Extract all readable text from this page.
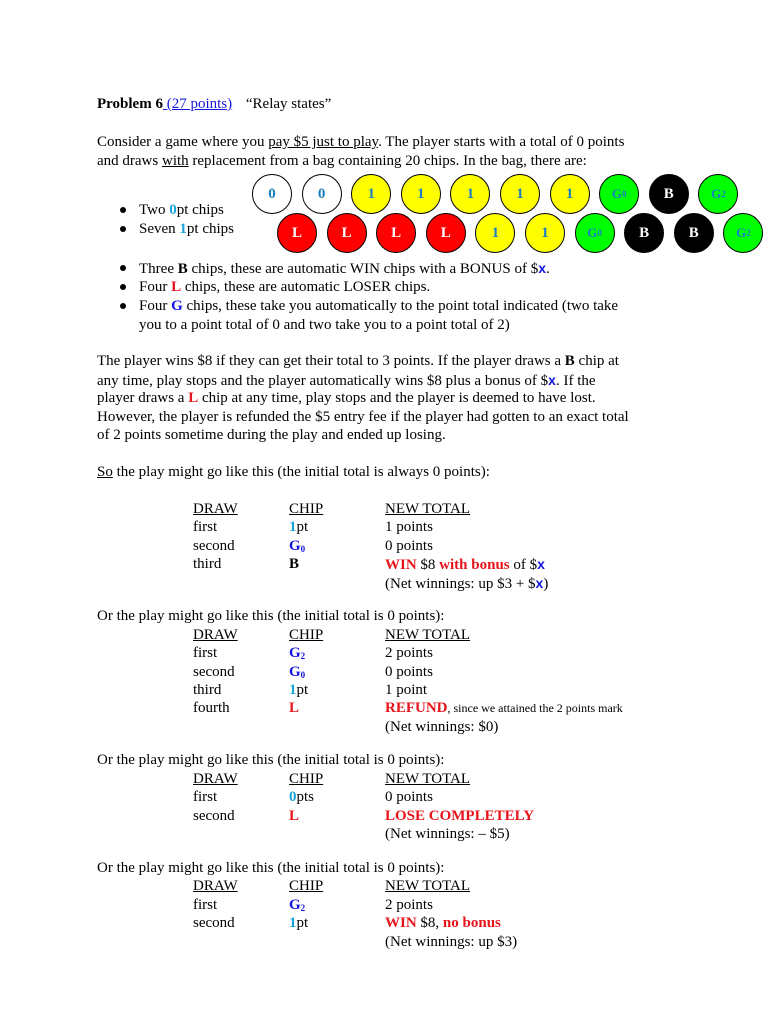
Problem 6 (27 points) “Relay states”
Consider a game where you pay $5 just to play. The player starts with a total of 0 points
and draws with replacement from a bag containing 20 chips. In the bag, there are:
0	0	1	1	1	1	1	G 0	B	G 2
L	L	L	L	1	1	G 0	B	B	G 2
Two 0pt chips
Seven 1pt chips
Three B chips, these are automatic WIN chips with a BONUS of $x.
Four L chips, these are automatic LOSER chips.
Four G chips, these take you automatically to the point total indicated (two take
you to a point total of 0 and two take you to a point total of 2)
The player wins $8 if they can get their total to 3 points. If the player draws a B chip at
any time, play stops and the player automatically wins $8 plus a bonus of $x. If the
player draws a L chip at any time, play stops and the player is deemed to have lost.
However, the player is refunded the $5 entry fee if the player had gotten to an exact total
of 2 points sometime during the play and ended up losing.
So the play might go like this (the initial total is always 0 points):
DRAW	CHIP	NEW TOTAL
first	1pt	1 points
second	$G_0$	0 points
third	B	WIN $8 with bonus of $x
(Net winnings: up $3 + $x)
Or the play might go like this (the initial total is 0 points):
DRAW	CHIP	NEW TOTAL
first	$G_2$	2 points
second	$G_0$	0 points
third	1pt	1 point
fourth	L	REFUND, since we attained the 2 points mark
(Net winnings: $0)
Or the play might go like this (the initial total is 0 points):
DRAW	CHIP	NEW TOTAL
first	0pts	0 points
second	L	LOSE COMPLETELY
(Net winnings: – $5)
Or the play might go like this (the initial total is 0 points):
DRAW	CHIP	NEW TOTAL
first	$G_2$	2 points
second	1pt	WIN $8, no bonus
(Net winnings: up $3)
